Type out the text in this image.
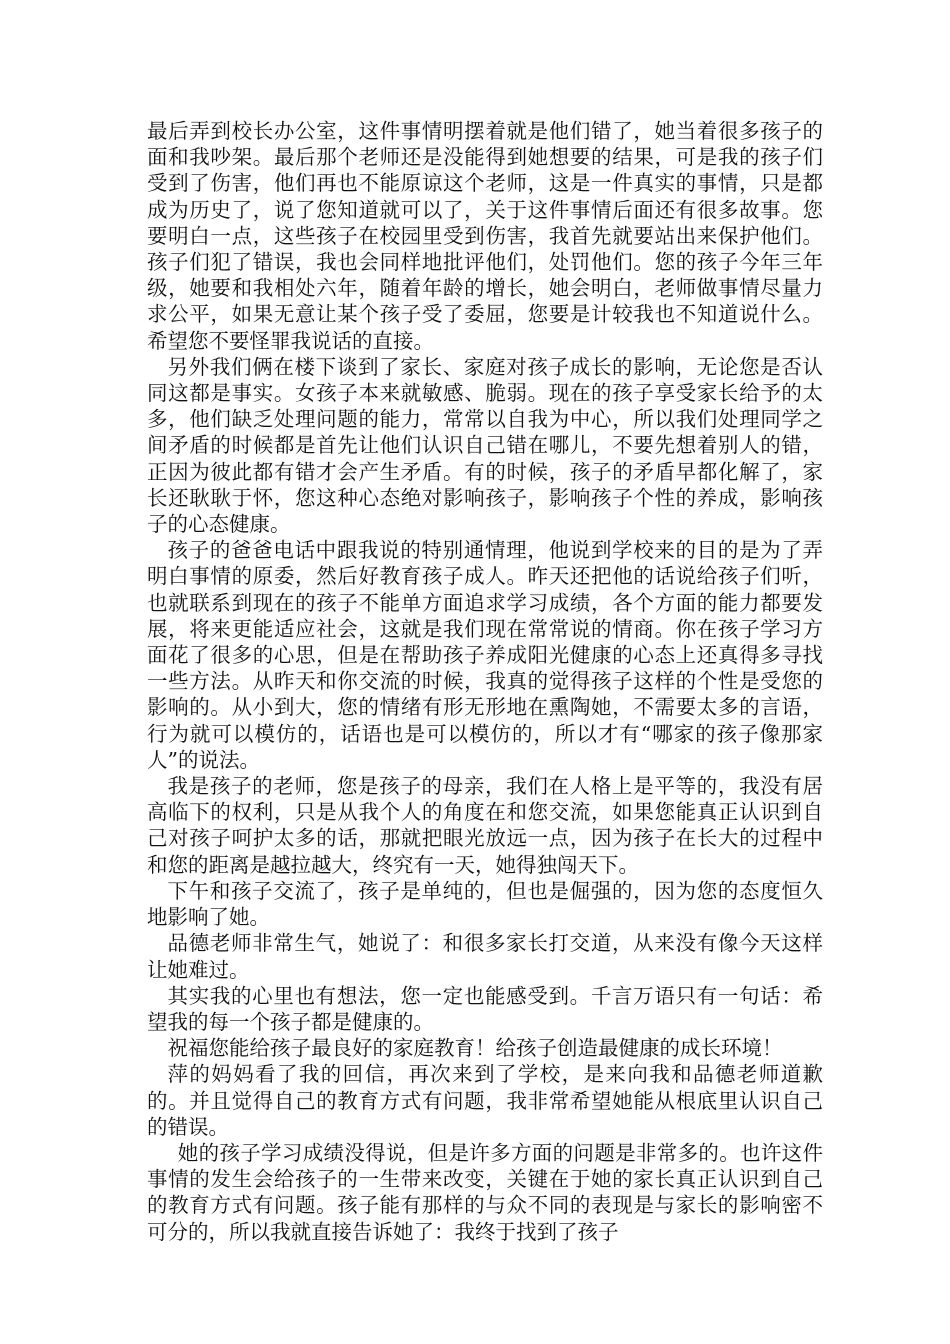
最后弄到校长办公室，这件事情明摆着就是他们错了，她当着很多孩子的面和我吵架。最后那个老师还是没能得到她想要的结果，可是我的孩子们受到了伤害，他们再也不能原谅这个老师，这是一件真实的事情，只是都成为历史了，说了您知道就可以了，关于这件事情后面还有很多故事。您要明白一点，这些孩子在校园里受到伤害，我首先就要站出来保护他们。孩子们犯了错误，我也会同样地批评他们，处罚他们。您的孩子今年三年级，她要和我相处六年，随着年龄的增长，她会明白，老师做事情尽量力求公平，如果无意让某个孩子受了委屈，您要是计较我也不知道说什么。希望您不要怪罪我说话的直接。

另外我们俩在楼下谈到了家长、家庭对孩子成长的影响，无论您是否认同这都是事实。女孩子本来就敏感、脆弱。现在的孩子享受家长给予的太多，他们缺乏处理问题的能力，常常以自我为中心，所以我们处理同学之间矛盾的时候都是首先让他们认识自己错在哪儿，不要先想着别人的错，正因为彼此都有错才会产生矛盾。有的时候，孩子的矛盾早都化解了，家长还耿耿于怀，您这种心态绝对影响孩子，影响孩子个性的养成，影响孩子的心态健康。

孩子的爸爸电话中跟我说的特别通情理，他说到学校来的目的是为了弄明白事情的原委，然后好教育孩子成人。昨天还把他的话说给孩子们听，也就联系到现在的孩子不能单方面追求学习成绩，各个方面的能力都要发展，将来更能适应社会，这就是我们现在常常说的情商。你在孩子学习方面花了很多的心思，但是在帮助孩子养成阳光健康的心态上还真得多寻找一些方法。从昨天和你交流的时候，我真的觉得孩子这样的个性是受您的影响的。从小到大，您的情绪有形无形地在熏陶她，不需要太多的言语，行为就可以模仿的，话语也是可以模仿的，所以才有“哪家的孩子像那家人”的说法。

我是孩子的老师，您是孩子的母亲，我们在人格上是平等的，我没有居高临下的权利，只是从我个人的角度在和您交流，如果您能真正认识到自己对孩子呵护太多的话，那就把眼光放远一点，因为孩子在长大的过程中和您的距离是越拉越大，终究有一天，她得独闯天下。

下午和孩子交流了，孩子是单纯的，但也是倔强的，因为您的态度恒久地影响了她。

品德老师非常生气，她说了：和很多家长打交道，从来没有像今天这样让她难过。

其实我的心里也有想法，您一定也能感受到。千言万语只有一句话：希望我的每一个孩子都是健康的。

祝福您能给孩子最良好的家庭教育！给孩子创造最健康的成长环境！

萍的妈妈看了我的回信，再次来到了学校，是来向我和品德老师道歉的。并且觉得自己的教育方式有问题，我非常希望她能从根底里认识自己的错误。

她的孩子学习成绩没得说，但是许多方面的问题是非常多的。也许这件事情的发生会给孩子的一生带来改变，关键在于她的家长真正认识到自己的教育方式有问题。孩子能有那样的与众不同的表现是与家长的影响密不可分的，所以我就直接告诉她了：我终于找到了孩子
